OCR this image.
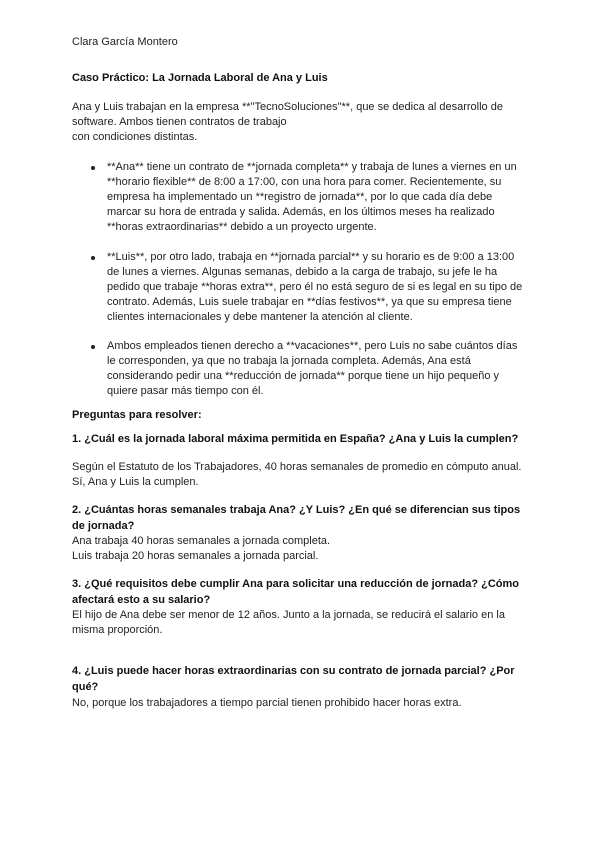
Clara García Montero
Caso Práctico: La Jornada Laboral de Ana y Luis
Ana y Luis trabajan en la empresa **"TecnoSoluciones"**, que se dedica al desarrollo de
software. Ambos tienen contratos de trabajo
con condiciones distintas.
**Ana** tiene un contrato de **jornada completa** y trabaja de lunes a viernes en un
**horario flexible** de 8:00 a 17:00, con una hora para comer. Recientemente, su
empresa ha implementado un **registro de jornada**, por lo que cada día debe
marcar su hora de entrada y salida. Además, en los últimos meses ha realizado
**horas extraordinarias** debido a un proyecto urgente.
**Luis**, por otro lado, trabaja en **jornada parcial** y su horario es de 9:00 a 13:00
de lunes a viernes. Algunas semanas, debido a la carga de trabajo, su jefe le ha
pedido que trabaje **horas extra**, pero él no está seguro de si es legal en su tipo de
contrato. Además, Luis suele trabajar en **días festivos**, ya que su empresa tiene
clientes internacionales y debe mantener la atención al cliente.
Ambos empleados tienen derecho a **vacaciones**, pero Luis no sabe cuántos días
le corresponden, ya que no trabaja la jornada completa. Además, Ana está
considerando pedir una **reducción de jornada** porque tiene un hijo pequeño y
quiere pasar más tiempo con él.
Preguntas para resolver:
1. ¿Cuál es la jornada laboral máxima permitida en España? ¿Ana y Luis la cumplen?
Según el Estatuto de los Trabajadores, 40 horas semanales de promedio en cómputo anual.
Sí, Ana y Luis la cumplen.
2. ¿Cuántas horas semanales trabaja Ana? ¿Y Luis? ¿En qué se diferencian sus tipos
de jornada?
Ana trabaja 40 horas semanales a jornada completa.
Luis trabaja 20 horas semanales a jornada parcial.
3. ¿Qué requisitos debe cumplir Ana para solicitar una reducción de jornada? ¿Cómo
afectará esto a su salario?
El hijo de Ana debe ser menor de 12 años. Junto a la jornada, se reducirá el salario en la
misma proporción.
4. ¿Luis puede hacer horas extraordinarias con su contrato de jornada parcial? ¿Por
qué?
No, porque los trabajadores a tiempo parcial tienen prohibido hacer horas extra.
